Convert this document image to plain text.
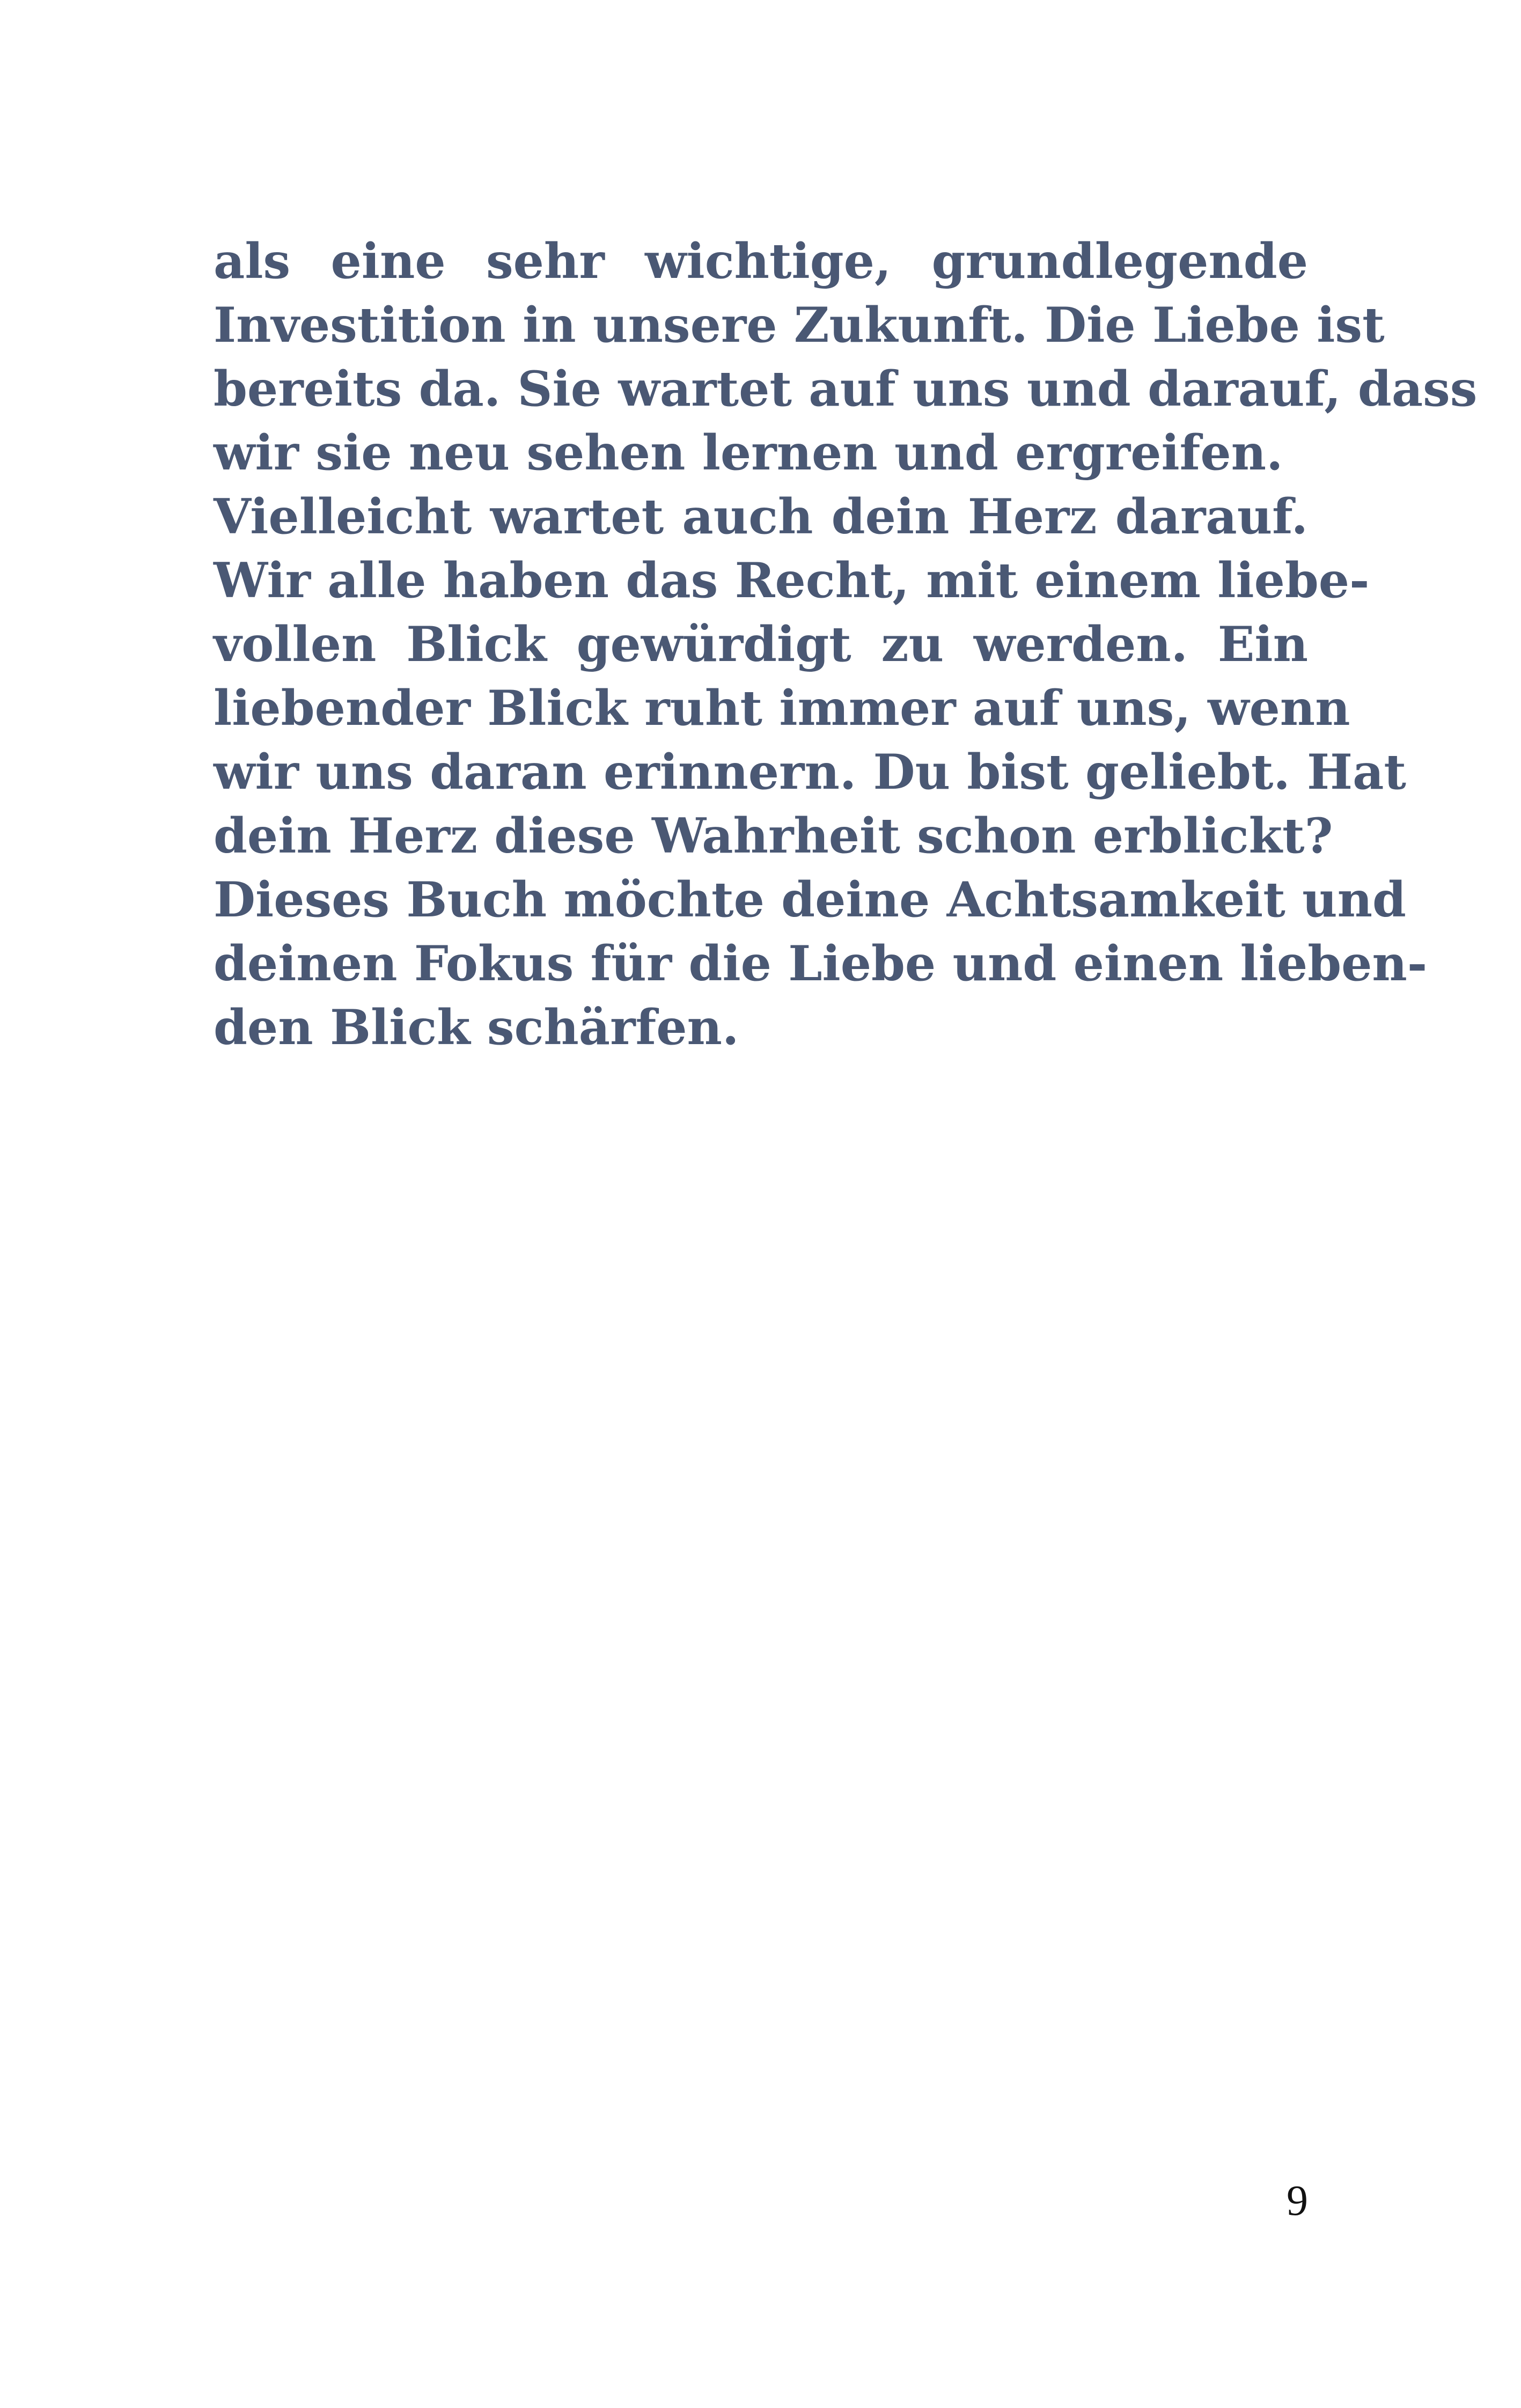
als eine sehr wichtige, grundlegende
Investition in unsere Zukunft. Die Liebe ist
bereits da. Sie wartet auf uns und darauf, dass
wir sie neu sehen lernen und ergreifen.
Vielleicht wartet auch dein Herz darauf.
Wir alle haben das Recht, mit einem liebe-
vollen Blick gewürdigt zu werden. Ein
liebender Blick ruht immer auf uns, wenn
wir uns daran erinnern. Du bist geliebt. Hat
dein Herz diese Wahrheit schon erblickt?
Dieses Buch möchte deine Achtsamkeit und
deinen Fokus für die Liebe und einen lieben-
den Blick schärfen.
9
